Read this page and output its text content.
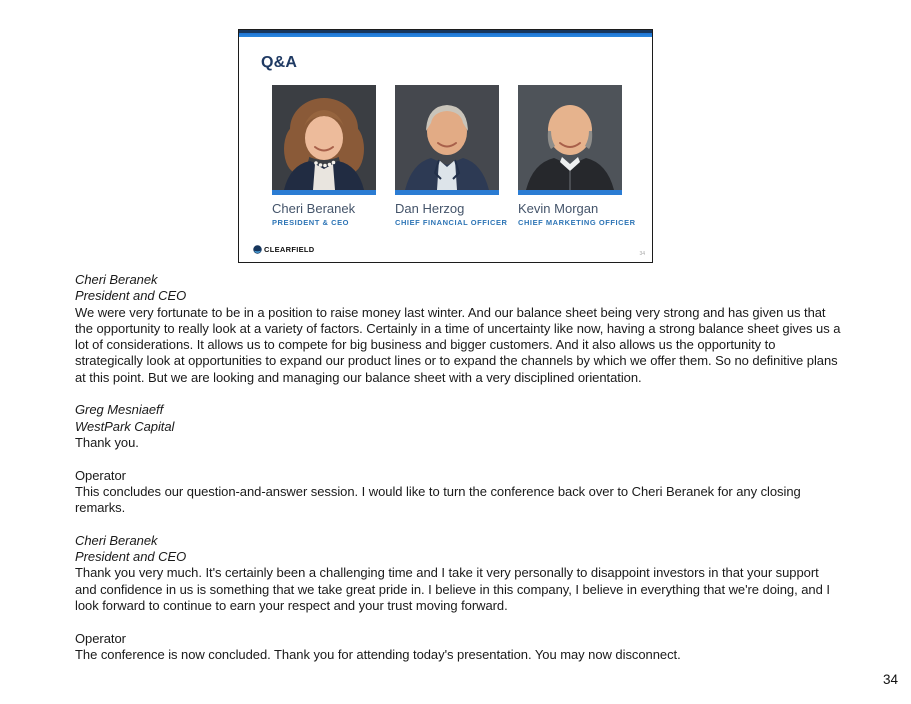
Q&A
Cheri Beranek
PRESIDENT & CEO
Dan Herzog
CHIEF FINANCIAL OFFICER
Kevin Morgan
CHIEF MARKETING OFFICER
CLEARFIELD	34
Cheri Beranek
President and CEO
We were very fortunate to be in a position to raise money last winter. And our balance sheet being very strong and has given us that the opportunity to really look at a variety of factors. Certainly in a time of uncertainty like now, having a strong balance sheet gives us a lot of considerations. It allows us to compete for big business and bigger customers. And it also allows us the opportunity to strategically look at opportunities to expand our product lines or to expand the channels by which we offer them. So no definitive plans at this point. But we are looking and managing our balance sheet with a very disciplined orientation.
Greg Mesniaeff
WestPark Capital
Thank you.
Operator
This concludes our question-and-answer session. I would like to turn the conference back over to Cheri Beranek for any closing remarks.
Cheri Beranek
President and CEO
Thank you very much. It's certainly been a challenging time and I take it very personally to disappoint investors in that your support and confidence in us is something that we take great pride in. I believe in this company, I believe in everything that we're doing, and I look forward to continue to earn your respect and your trust moving forward.
Operator
The conference is now concluded. Thank you for attending today's presentation. You may now disconnect.
34
